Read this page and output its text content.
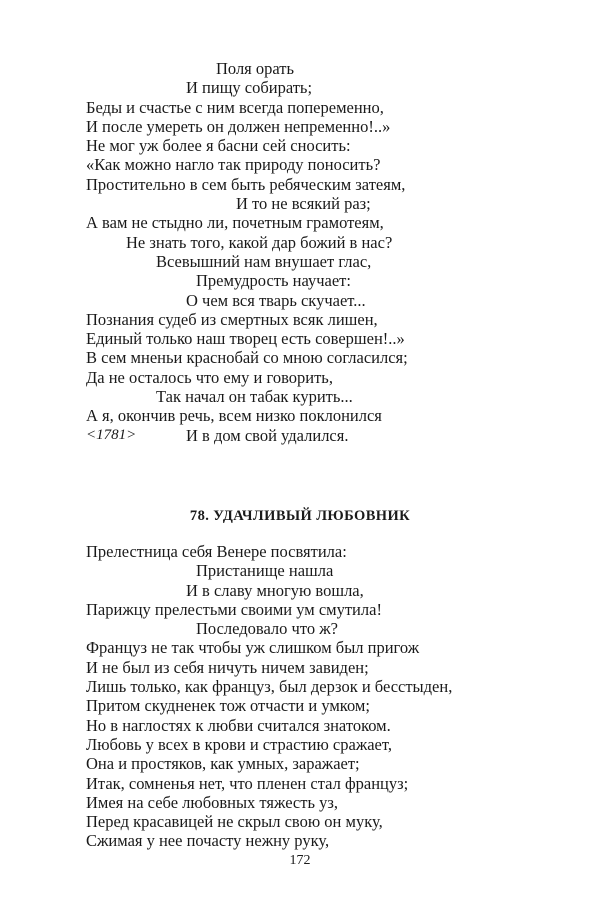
Поля орать
И пищу собирать;
Беды и счастье с ним всегда попеременно,
И после умереть он должен непременно!..»
Не мог уж более я басни сей сносить:
«Как можно нагло так природу поносить?
Простительно в сем быть ребяческим затеям,
И то не всякий раз;
А вам не стыдно ли, почетным грамотеям,
Не знать того, какой дар божий в нас?
Всевышний нам внушает глас,
Премудрость научает:
О чем вся тварь скучает...
Познания судеб из смертных всяк лишен,
Единый только наш творец есть совершен!..»
В сем мненьи краснобай со мною согласился;
Да не осталось что ему и говорить,
Так начал он табак курить...
А я, окончив речь, всем низко поклонился
И в дом свой удалился.
<1781>
78. УДАЧЛИВЫЙ ЛЮБОВНИК
Прелестница себя Венере посвятила:
Пристанище нашла
И в славу многую вошла,
Парижцу прелестьми своими ум смутила!
Последовало что ж?
Француз не так чтобы уж слишком был пригож
И не был из себя ничуть ничем завиден;
Лишь только, как француз, был дерзок и бесстыден,
Притом скудненек тож отчасти и умком;
Но в наглостях к любви считался знатоком.
Любовь у всех в крови и страстию сражает,
Она и простяков, как умных, заражает;
Итак, сомненья нет, что пленен стал француз;
Имея на себе любовных тяжесть уз,
Перед красавицей не скрыл свою он муку,
Сжимая у нее почасту нежну руку,
172
